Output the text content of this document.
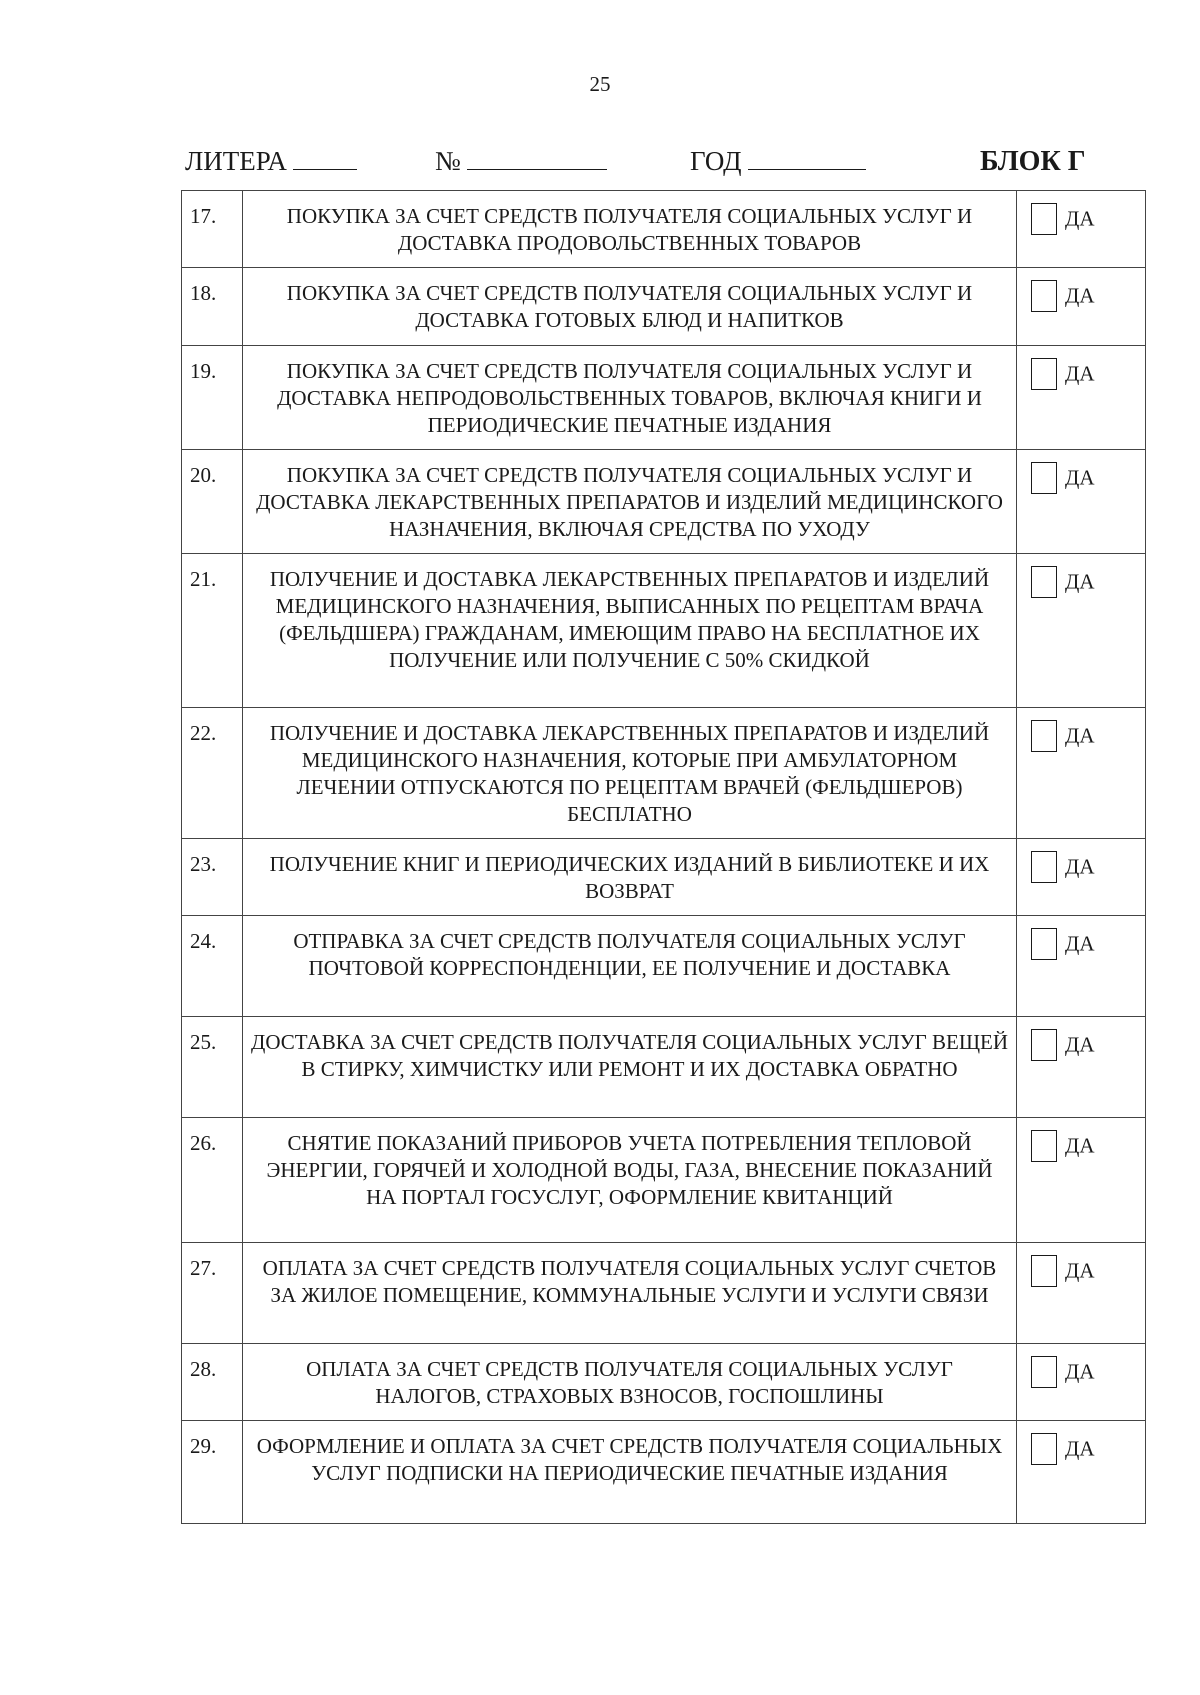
25
ЛИТЕРА	№	ГОД	БЛОК Г
17.	ПОКУПКА ЗА СЧЕТ СРЕДСТВ ПОЛУЧАТЕЛЯ СОЦИАЛЬНЫХ УСЛУГ И ДОСТАВКА ПРОДОВОЛЬСТВЕННЫХ ТОВАРОВ	ДА
18.	ПОКУПКА ЗА СЧЕТ СРЕДСТВ ПОЛУЧАТЕЛЯ СОЦИАЛЬНЫХ УСЛУГ И ДОСТАВКА ГОТОВЫХ БЛЮД И НАПИТКОВ	ДА
19.	ПОКУПКА ЗА СЧЕТ СРЕДСТВ ПОЛУЧАТЕЛЯ СОЦИАЛЬНЫХ УСЛУГ И ДОСТАВКА НЕПРОДОВОЛЬСТВЕННЫХ ТОВАРОВ, ВКЛЮЧАЯ КНИГИ И ПЕРИОДИЧЕСКИЕ ПЕЧАТНЫЕ ИЗДАНИЯ	ДА
20.	ПОКУПКА ЗА СЧЕТ СРЕДСТВ ПОЛУЧАТЕЛЯ СОЦИАЛЬНЫХ УСЛУГ И ДОСТАВКА ЛЕКАРСТВЕННЫХ ПРЕПАРАТОВ И ИЗДЕЛИЙ МЕДИЦИНСКОГО НАЗНАЧЕНИЯ, ВКЛЮЧАЯ СРЕДСТВА ПО УХОДУ	ДА
21.	ПОЛУЧЕНИЕ И ДОСТАВКА ЛЕКАРСТВЕННЫХ ПРЕПАРАТОВ И ИЗДЕЛИЙ МЕДИЦИНСКОГО НАЗНАЧЕНИЯ, ВЫПИСАННЫХ ПО РЕЦЕПТАМ ВРАЧА (ФЕЛЬДШЕРА) ГРАЖДАНАМ, ИМЕЮЩИМ ПРАВО НА БЕСПЛАТНОЕ ИХ ПОЛУЧЕНИЕ ИЛИ ПОЛУЧЕНИЕ С 50% СКИДКОЙ	ДА
22.	ПОЛУЧЕНИЕ И ДОСТАВКА ЛЕКАРСТВЕННЫХ ПРЕПАРАТОВ И ИЗДЕЛИЙ МЕДИЦИНСКОГО НАЗНАЧЕНИЯ, КОТОРЫЕ ПРИ АМБУЛАТОРНОМ ЛЕЧЕНИИ ОТПУСКАЮТСЯ ПО РЕЦЕПТАМ ВРАЧЕЙ (ФЕЛЬДШЕРОВ) БЕСПЛАТНО	ДА
23.	ПОЛУЧЕНИЕ КНИГ И ПЕРИОДИЧЕСКИХ ИЗДАНИЙ В БИБЛИОТЕКЕ И ИХ ВОЗВРАТ	ДА
24.	ОТПРАВКА ЗА СЧЕТ СРЕДСТВ ПОЛУЧАТЕЛЯ СОЦИАЛЬНЫХ УСЛУГ ПОЧТОВОЙ КОРРЕСПОНДЕНЦИИ, ЕЕ ПОЛУЧЕНИЕ И ДОСТАВКА	ДА
25.	ДОСТАВКА ЗА СЧЕТ СРЕДСТВ ПОЛУЧАТЕЛЯ СОЦИАЛЬНЫХ УСЛУГ ВЕЩЕЙ В СТИРКУ, ХИМЧИСТКУ ИЛИ РЕМОНТ И ИХ ДОСТАВКА ОБРАТНО	ДА
26.	СНЯТИЕ ПОКАЗАНИЙ ПРИБОРОВ УЧЕТА ПОТРЕБЛЕНИЯ ТЕПЛОВОЙ ЭНЕРГИИ, ГОРЯЧЕЙ И ХОЛОДНОЙ ВОДЫ, ГАЗА, ВНЕСЕНИЕ ПОКАЗАНИЙ НА ПОРТАЛ ГОСУСЛУГ, ОФОРМЛЕНИЕ КВИТАНЦИЙ	ДА
27.	ОПЛАТА ЗА СЧЕТ СРЕДСТВ ПОЛУЧАТЕЛЯ СОЦИАЛЬНЫХ УСЛУГ СЧЕТОВ ЗА ЖИЛОЕ ПОМЕЩЕНИЕ, КОММУНАЛЬНЫЕ УСЛУГИ И УСЛУГИ СВЯЗИ	ДА
28.	ОПЛАТА ЗА СЧЕТ СРЕДСТВ ПОЛУЧАТЕЛЯ СОЦИАЛЬНЫХ УСЛУГ НАЛОГОВ, СТРАХОВЫХ ВЗНОСОВ, ГОСПОШЛИНЫ	ДА
29.	ОФОРМЛЕНИЕ И ОПЛАТА ЗА СЧЕТ СРЕДСТВ ПОЛУЧАТЕЛЯ СОЦИАЛЬНЫХ УСЛУГ ПОДПИСКИ НА ПЕРИОДИЧЕСКИЕ ПЕЧАТНЫЕ ИЗДАНИЯ	ДА
